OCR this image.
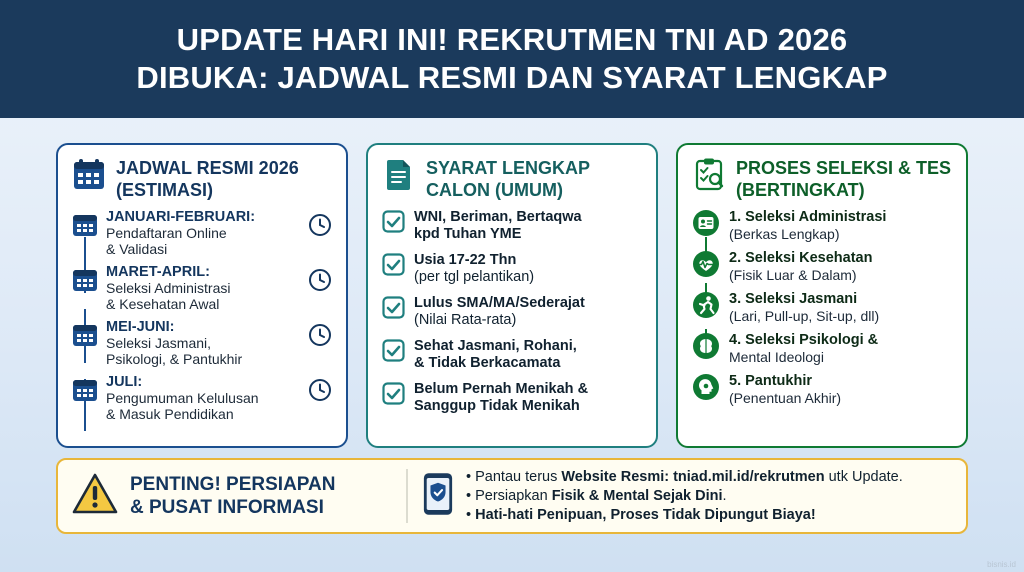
UPDATE HARI INI! REKRUTMEN TNI AD 2026
DIBUKA: JADWAL RESMI DAN SYARAT LENGKAP
JADWAL RESMI 2026
(ESTIMASI)
JANUARI-FEBRUARI:
Pendaftaran Online
& Validasi
MARET-APRIL:
Seleksi Administrasi
& Kesehatan Awal
MEI-JUNI:
Seleksi Jasmani,
Psikologi, & Pantukhir
JULI:
Pengumuman Kelulusan
& Masuk Pendidikan
SYARAT LENGKAP
CALON (UMUM)
WNI, Beriman, Bertaqwa
kpd Tuhan YME
Usia 17-22 Thn
(per tgl pelantikan)
Lulus SMA/MA/Sederajat
(Nilai Rata-rata)
Sehat Jasmani, Rohani,
& Tidak Berkacamata
Belum Pernah Menikah &
Sanggup Tidak Menikah
PROSES SELEKSI & TES
(BERTINGKAT)
1. Seleksi Administrasi
(Berkas Lengkap)
2. Seleksi Kesehatan
(Fisik Luar & Dalam)
3. Seleksi Jasmani
(Lari, Pull-up, Sit-up, dll)
4. Seleksi Psikologi &
Mental Ideologi
5. Pantukhir
(Penentuan Akhir)
PENTING! PERSIAPAN
& PUSAT INFORMASI
• Pantau terus Website Resmi: tniad.mil.id/rekrutmen utk Update.
• Persiapkan Fisik & Mental Sejak Dini.
• Hati-hati Penipuan, Proses Tidak Dipungut Biaya!
bisnis.id
